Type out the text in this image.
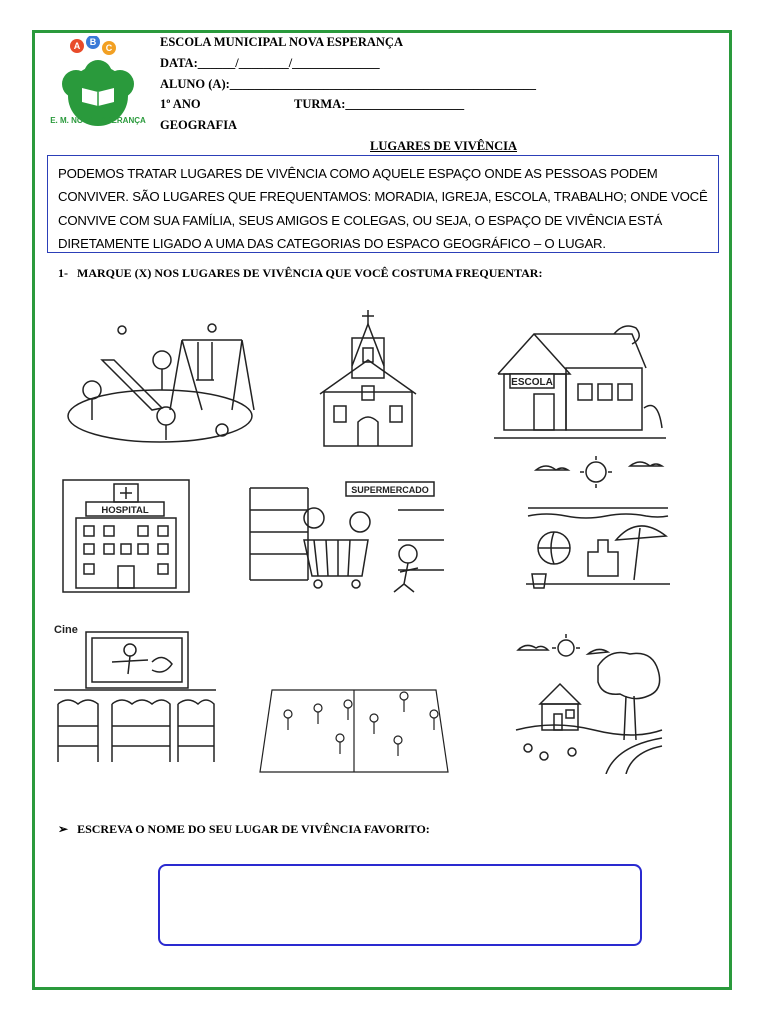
A B
C
E. M. NOVA ESPERANÇA
ESCOLA MUNICIPAL NOVA ESPERANÇA
DATA:______/________/______________
ALUNO (A):_________________________________________________
1º ANO	TURMA:___________________
GEOGRAFIA
LUGARES DE VIVÊNCIA
PODEMOS TRATAR LUGARES DE VIVÊNCIA COMO AQUELE ESPAÇO ONDE AS PESSOAS PODEM CONVIVER. SÃO LUGARES QUE FREQUENTAMOS: MORADIA, IGREJA, ESCOLA, TRABALHO; ONDE VOCÊ CONVIVE COM SUA FAMÍLIA, SEUS AMIGOS E COLEGAS, OU SEJA, O ESPAÇO DE VIVÊNCIA ESTÁ DIRETAMENTE LIGADO A UMA DAS CATEGORIAS DO ESPACO GEOGRÁFICO – O LUGAR.
1-   MARQUE (X) NOS LUGARES DE VIVÊNCIA QUE VOCÊ COSTUMA FREQUENTAR:
ESCOLA
HOSPITAL
SUPERMERCADO
Cine
➢ ESCREVA O NOME DO SEU LUGAR DE VIVÊNCIA FAVORITO:
